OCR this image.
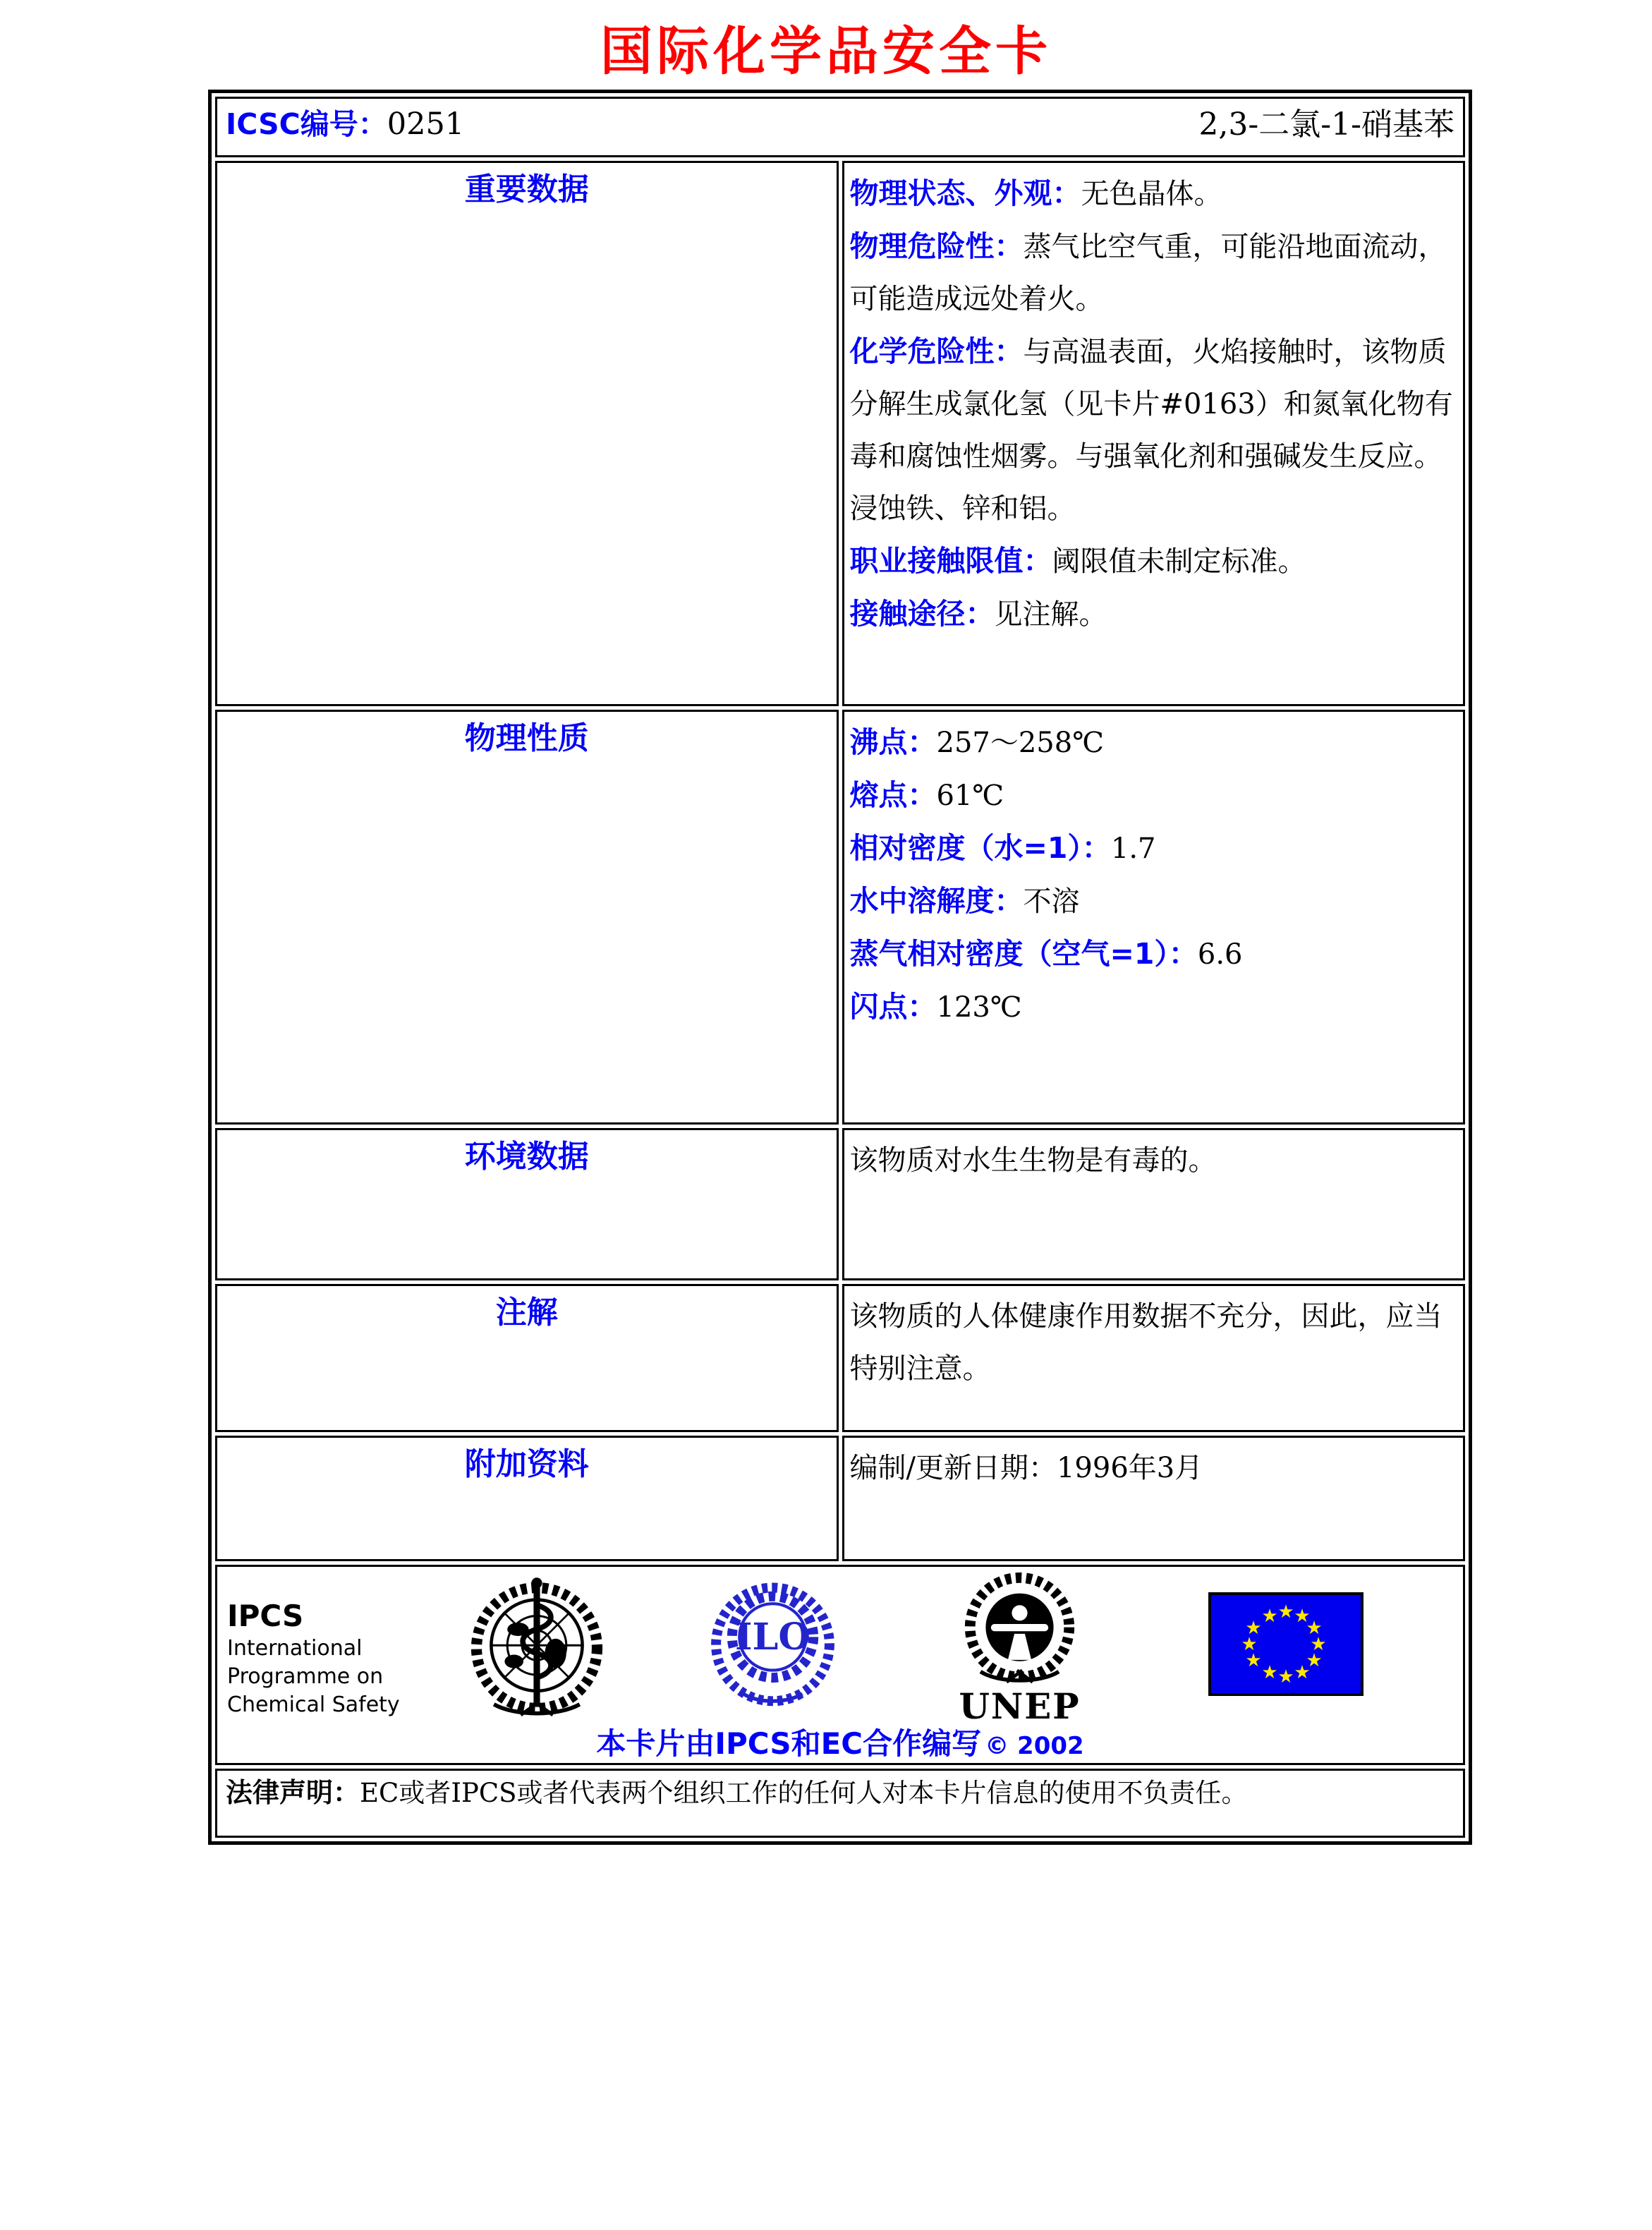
国际化学品安全卡
ICSC编号：0251 2,3-二氯-1-硝基苯	

重要数据	物理状态、外观：无色晶体。
物理危险性：蒸气比空气重，可能沿地面流动，可能造成远处着火。
化学危险性：与高温表面，火焰接触时，该物质分解生成氯化氢（见卡片#0163）和氮氧化物有毒和腐蚀性烟雾。与强氧化剂和强碱发生反应。浸蚀铁、锌和铝。
职业接触限值：阈限值未制定标准。
接触途径：见注解。

物理性质	沸点：257～258℃
熔点：61℃
相对密度（水=1）：1.7
水中溶解度：不溶
蒸气相对密度（空气=1）：6.6
闪点：123℃

环境数据	该物质对水生生物是有毒的。

注解	该物质的人体健康作用数据不充分，因此，应当特别注意。

附加资料	编制/更新日期：1996年3月

IPCS
International
Programme on
Chemical Safety
ILO
UNEP
★ ★
★
★
★
★
★
★
★
★
★
★
本卡片由IPCS和EC合作编写 © 2002

法律声明：EC或者IPCS或者代表两个组织工作的任何人对本卡片信息的使用不负责任。	
